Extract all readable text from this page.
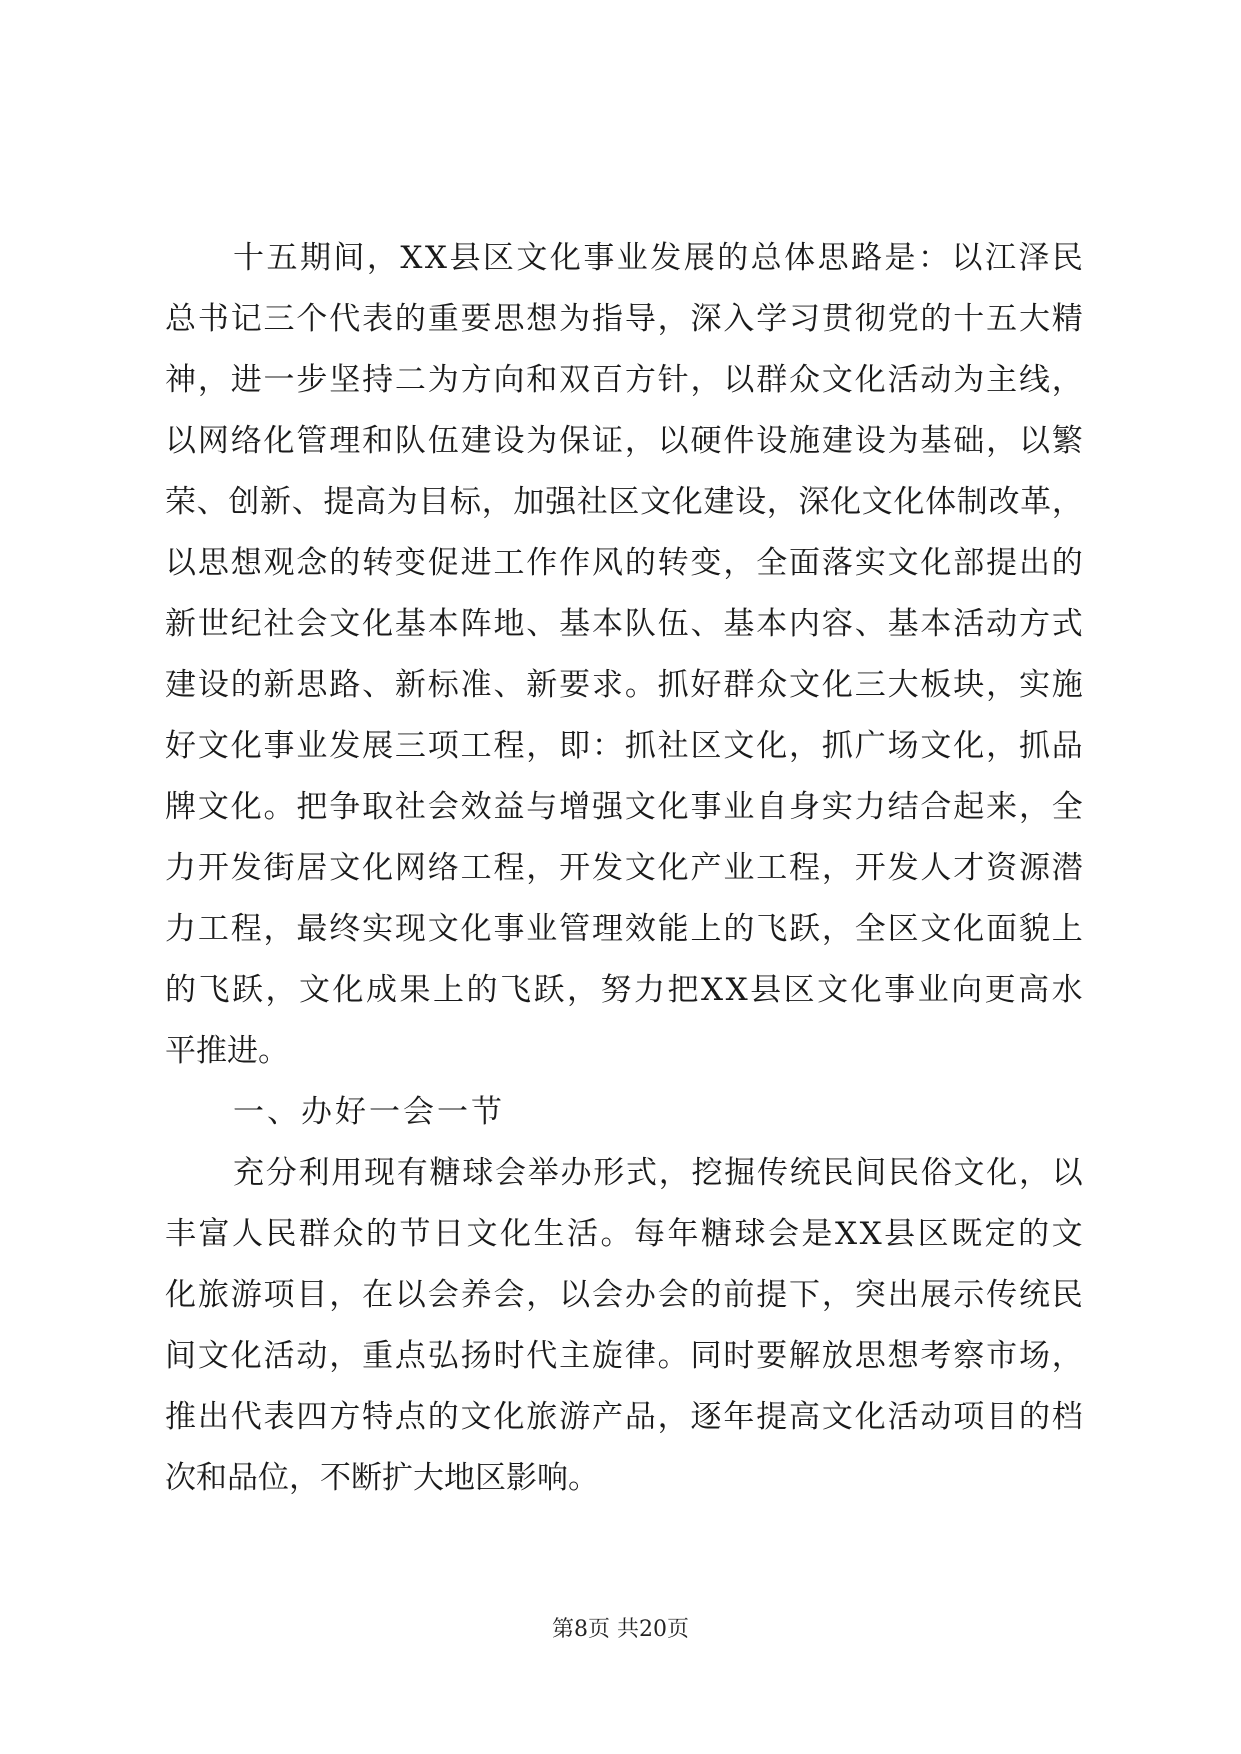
十 五 期 间 ， X X 县 区 文 化 事 业 发 展 的 总 体 思 路 是 ： 以 江 泽 民
总 书 记 三 个 代 表 的 重 要 思 想 为 指 导 ， 深 入 学 习 贯 彻 党 的 十 五 大 精
神 ， 进 一 步 坚 持 二 为 方 向 和 双 百 方 针 ， 以 群 众 文 化 活 动 为 主 线 ，
以 网 络 化 管 理 和 队 伍 建 设 为 保 证 ， 以 硬 件 设 施 建 设 为 基 础 ， 以 繁
荣 、 创 新 、 提 高 为 目 标 ， 加 强 社 区 文 化 建 设 ， 深 化 文 化 体 制 改 革 ，
以 思 想 观 念 的 转 变 促 进 工 作 作 风 的 转 变 ， 全 面 落 实 文 化 部 提 出 的
新 世 纪 社 会 文 化 基 本 阵 地 、 基 本 队 伍 、 基 本 内 容 、 基 本 活 动 方 式
建 设 的 新 思 路 、 新 标 准 、 新 要 求 。 抓 好 群 众 文 化 三 大 板 块 ， 实 施
好 文 化 事 业 发 展 三 项 工 程 ， 即 ： 抓 社 区 文 化 ， 抓 广 场 文 化 ， 抓 品
牌 文 化 。 把 争 取 社 会 效 益 与 增 强 文 化 事 业 自 身 实 力 结 合 起 来 ， 全
力 开 发 街 居 文 化 网 络 工 程 ， 开 发 文 化 产 业 工 程 ， 开 发 人 才 资 源 潜
力 工 程 ， 最 终 实 现 文 化 事 业 管 理 效 能 上 的 飞 跃 ， 全 区 文 化 面 貌 上
的 飞 跃 ， 文 化 成 果 上 的 飞 跃 ， 努 力 把 X X 县 区 文 化 事 业 向 更 高 水
平推进。
一 、 办 好 一 会 一 节
充 分 利 用 现 有 糖 球 会 举 办 形 式 ， 挖 掘 传 统 民 间 民 俗 文 化 ， 以
丰 富 人 民 群 众 的 节 日 文 化 生 活 。 每 年 糖 球 会 是 X X 县 区 既 定 的 文
化 旅 游 项 目 ， 在 以 会 养 会 ， 以 会 办 会 的 前 提 下 ， 突 出 展 示 传 统 民
间 文 化 活 动 ， 重 点 弘 扬 时 代 主 旋 律 。 同 时 要 解 放 思 想 考 察 市 场 ，
推 出 代 表 四 方 特 点 的 文 化 旅 游 产 品 ， 逐 年 提 高 文 化 活 动 项 目 的 档
次和品位，不断扩大地区影响。
第8页 共20页
